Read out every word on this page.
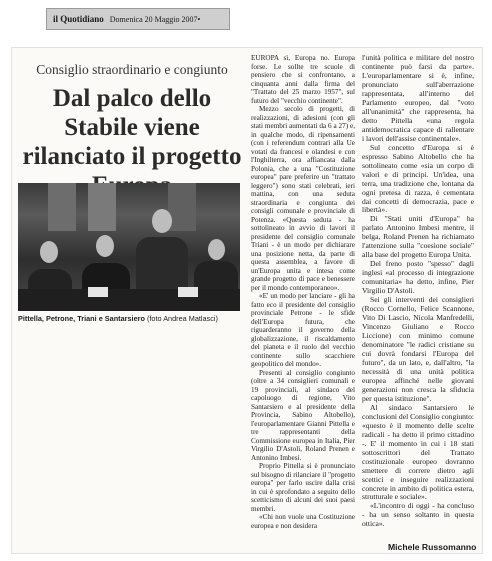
il Quotidiano Domenica 20 Maggio 2007•
Consiglio straordinario e congiunto
Dal palco dello Stabile viene rilanciato il progetto
Pittella, Petrone, Triani e Santarsiero (foto Andrea Matlasci)

EUROPA sì, Europa no. Europa forse. Le sollte tre scuole di pensiero che si confrontano, a cinquanta anni dalla firma del "Trattato del 25 marzo 1957", sul futuro del "vecchio continente".

Mezzo secolo di progetti, di realizzazioni, di adesioni (con gli stati membri aumentati da 6 a 27) e, in qualche modo, di ripensamenti (con i referendum contrari alla Ue votati da francesi e olandesi e con l'Inghilterra, ora affiancata dalla Polonia, che a una "Costituzione europea" pare preferire un "trattato leggero") sono stati celebrati, ieri mattina, con una seduta straordinaria e congiunta dei consigli comunale e provinciale di Potenza. «Questa seduta - ha sottolineato in avvio di lavori il presidente del consiglio comunale Triani - è un modo per dichiarare una posizione netta, da parte di questa assemblea, a favore di un'Europa unita e intesa come grande progetto di pace e benessere per il mondo contemporaneo».

«E' un modo per lanciare - gli ha fatto eco il presidente del consiglio provinciale Petrone - le sfide dell'Europa futura, che riguarderanno il governo della globalizzazione, il riscaldamento del pianeta e il ruolo del vecchio continente sullo scacchiere geopolitico del mondo».

Presenti al consiglio congiunto (oltre a 34 consiglieri comunali e 19 provinciali, al sindaco del capoluogo di regione, Vito Santarsiero e al presidente della Provincia, Sabino Altobello), l'europarlamentare Gianni Pittella e tre rappresentanti della Commissione europea in Italia, Pier Virgilio D'Astoli, Roland Prenen e Antonino Imbesi.

Proprio Pittella si è pronunciato sul bisogno di rilanciare il "progetto europa" per farlo uscire dalla crisi in cui è sprofondato a seguito dello scetticismo di alcuni dei suoi paesi membri.

«Chi non vuole una Costituzione europea e non desidera

l'unità politica e militare del nostro continente può farsi da parte». L'europarlamentare si è, infine, pronunciato sull'aberrazione rappresentata, all'interno del Parlamento europeo, dal "voto all'unanimità" che rappresenta, ha detto Pittella «una regola antidemocratica capace di rallentare i lavori dell'assise continentale».

Sul concetto d'Europa si è espresso Sabino Altobello che ha sottolineato come «sia un corpo di valori e di principi. Un'idea, una terra, una tradizione che, lontana da ogni pretesa di razza, è cementata dai concetti di democrazia, pace e libertà».

Di "Stati uniti d'Europa" ha parlato Antonino Imbesi mentre, il belga, Roland Prenen ha richiamato l'attenzione sulla "coesione sociale" alla base del progetto Europa Unita.

Del freno posto "spesso" dagli inglesi «al processo di integrazione comunitaria» ha detto, infine, Pier Virgilio D'Astoli.

Sei gli interventi dei consiglieri (Rocco Cornello, Felice Scannone, Vito Di Lascio, Nicola Manfredelli, Vincenzo Giuliano e Rocco Liccione) con minimo comune denominatore "le radici cristiane su cui dovrà fondarsi l'Europa del futuro", da un lato, e, dall'altro, "la necessità di una unità politica europea affinché nelle giovani generazioni non cresca la sfiducia per questa istituzione".

Al sindaco Santarsiero le conclusioni del Consiglio congiunto: «questo è il momento delle scelte radicali - ha detto il primo cittadino -. E' il momento in cui i 18 stati sottoscrittori del Trattato costituzionale europeo dovranno smettere di correre dietro agli scettici e inseguire realizzazioni concrete in ambito di politica estera, strutturale e sociale».

«L'incontro di oggi - ha concluso - ha un senso soltanto in questa ottica».

Michele Russomanno
